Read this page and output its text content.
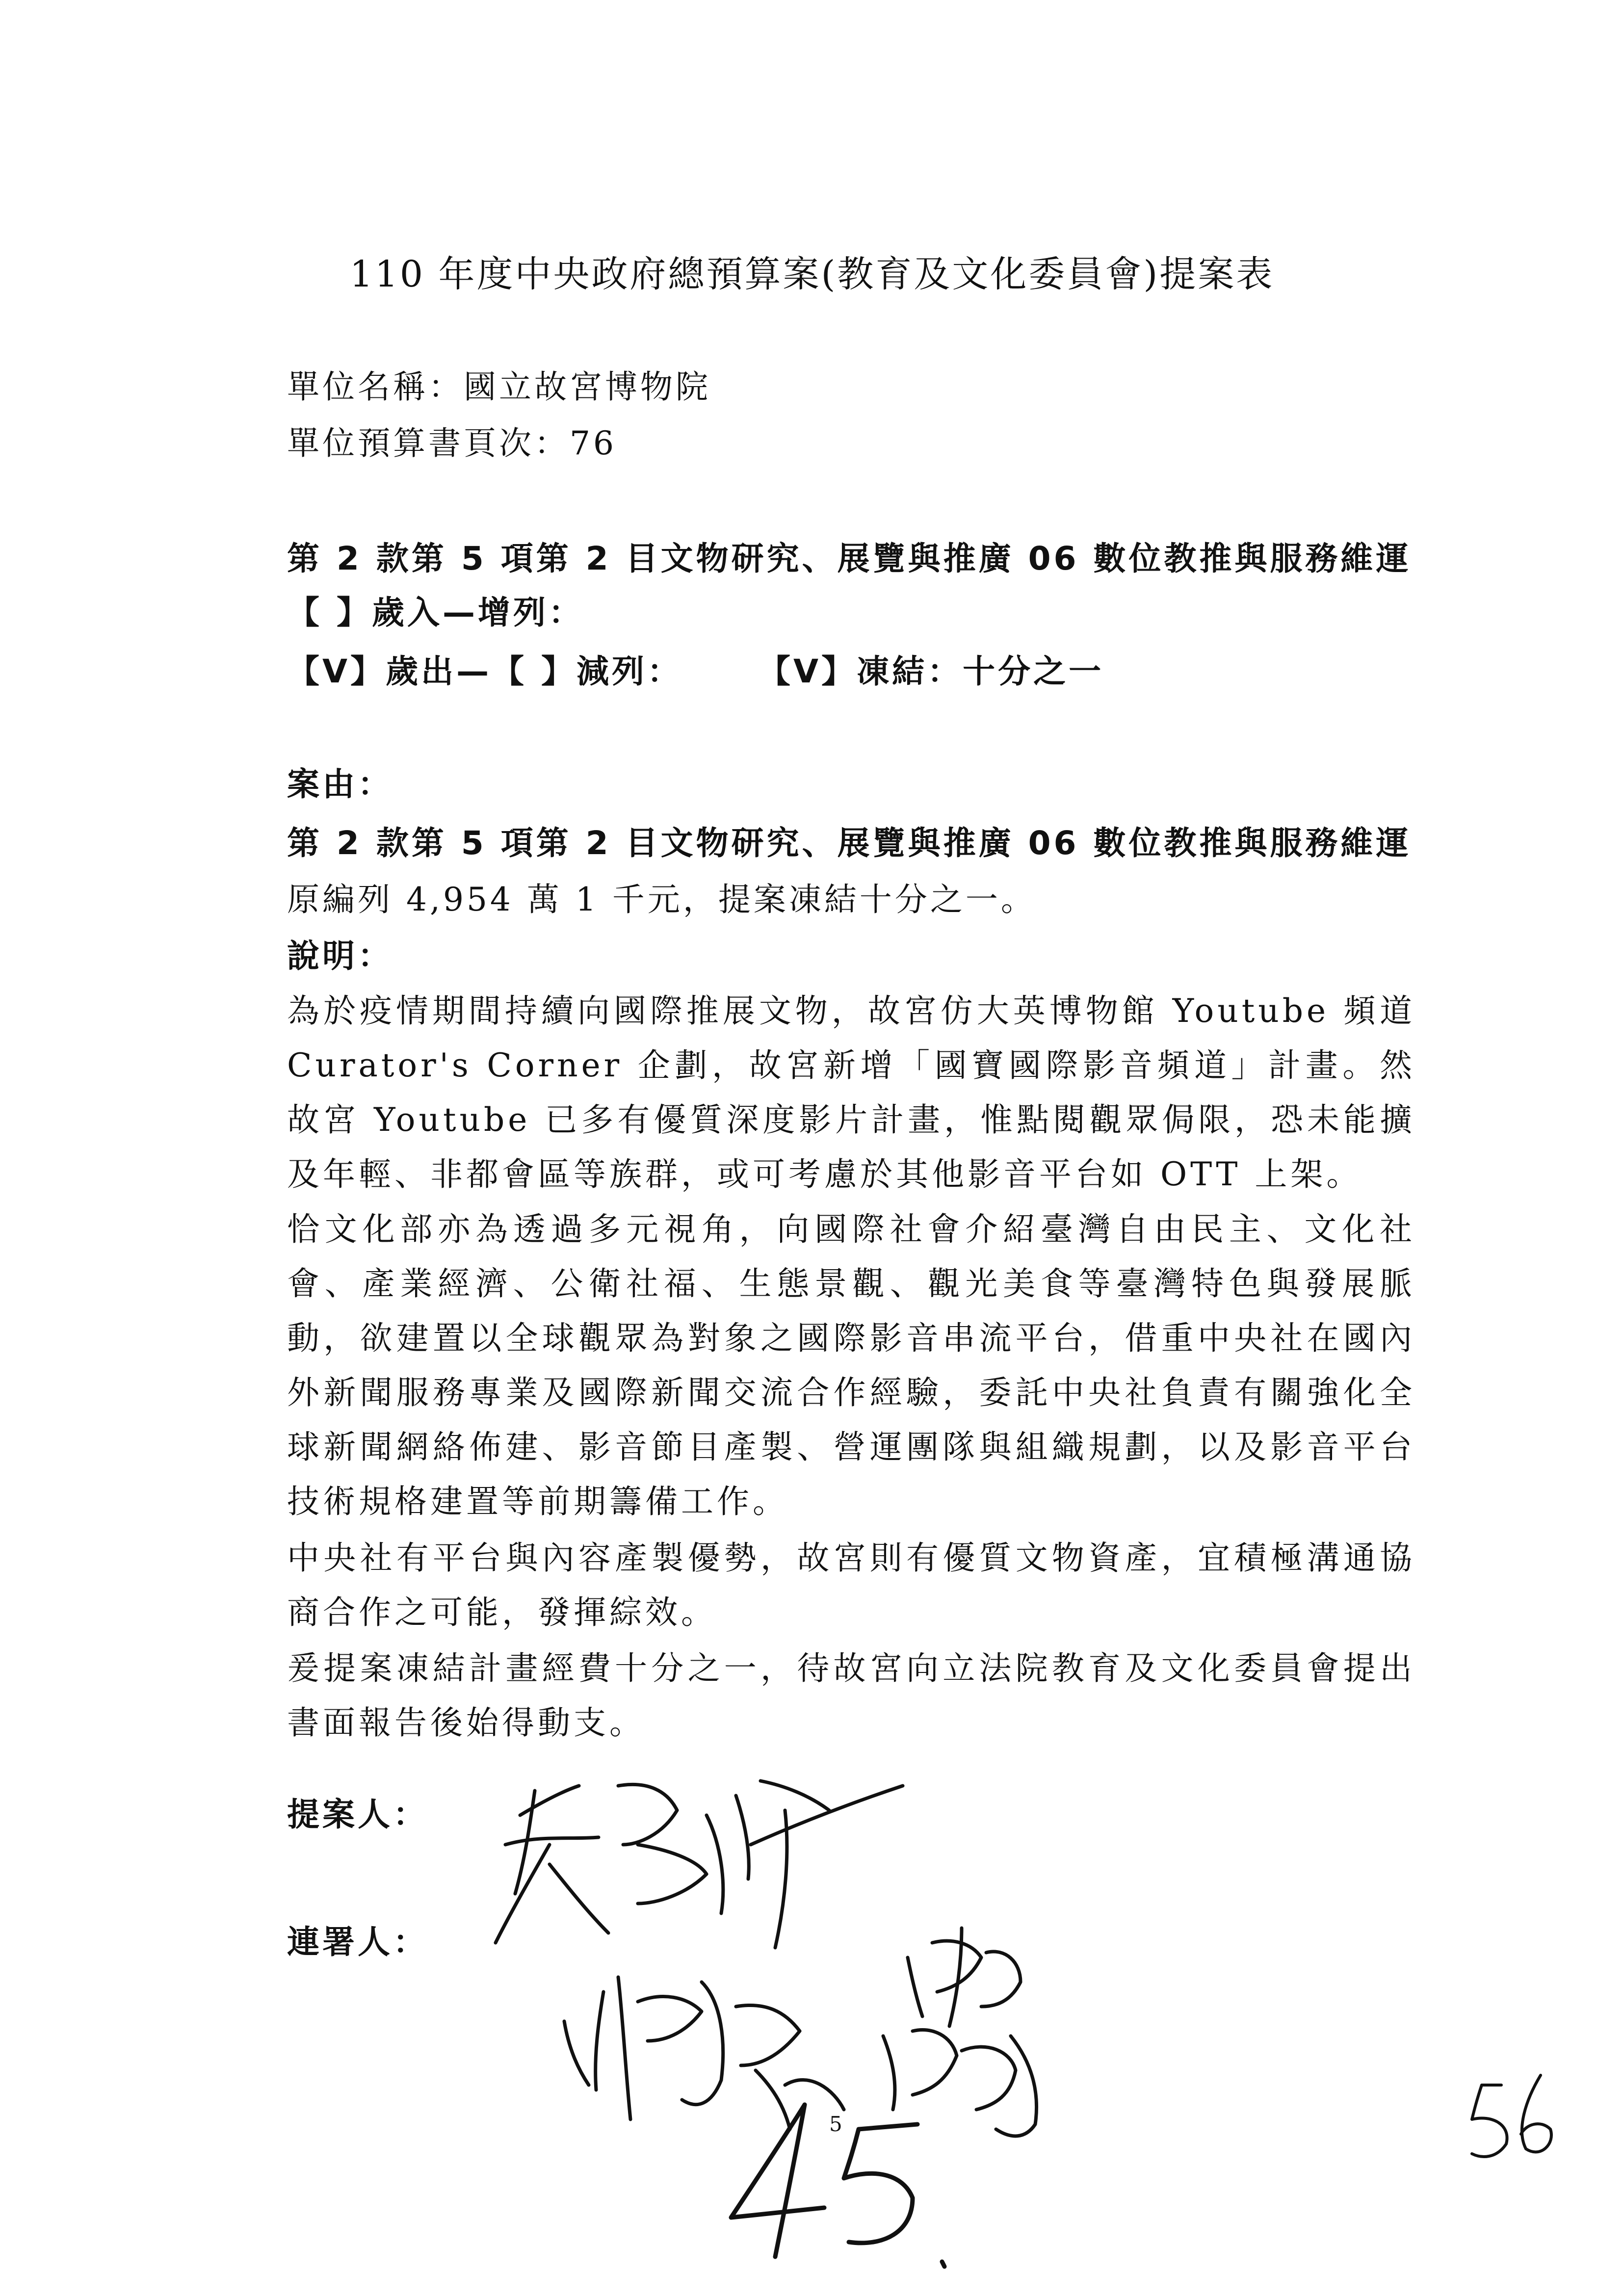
110 年度中央政府總預算案(教育及文化委員會)提案表
單位名稱：國立故宮博物院
單位預算書頁次：76
第 2 款第 5 項第 2 目文物研究、展覽與推廣 06 數位教推與服務維運
【 】歲入—增列：
【V】歲出—【 】減列： 【V】凍結：十分之一
案由：
第 2 款第 5 項第 2 目文物研究、展覽與推廣 06 數位教推與服務維運
原編列 4,954 萬 1 千元，提案凍結十分之一。
說明：
為於疫情期間持續向國際推展文物，故宮仿大英博物館 Youtube 頻道 Curator's Corner 企劃，故宮新增「國寶國際影音頻道」計畫。然故宮 Youtube 已多有優質深度影片計畫，惟點閱觀眾侷限，恐未能擴及年輕、非都會區等族群，或可考慮於其他影音平台如 OTT 上架。
恰文化部亦為透過多元視角，向國際社會介紹臺灣自由民主、文化社會、產業經濟、公衛社福、生態景觀、觀光美食等臺灣特色與發展脈動，欲建置以全球觀眾為對象之國際影音串流平台，借重中央社在國內外新聞服務專業及國際新聞交流合作經驗，委託中央社負責有關強化全球新聞網絡佈建、影音節目產製、營運團隊與組織規劃，以及影音平台技術規格建置等前期籌備工作。
中央社有平台與內容產製優勢，故宮則有優質文物資產，宜積極溝通協商合作之可能，發揮綜效。
爰提案凍結計畫經費十分之一，待故宮向立法院教育及文化委員會提出書面報告後始得動支。
提案人：
連署人：
5
